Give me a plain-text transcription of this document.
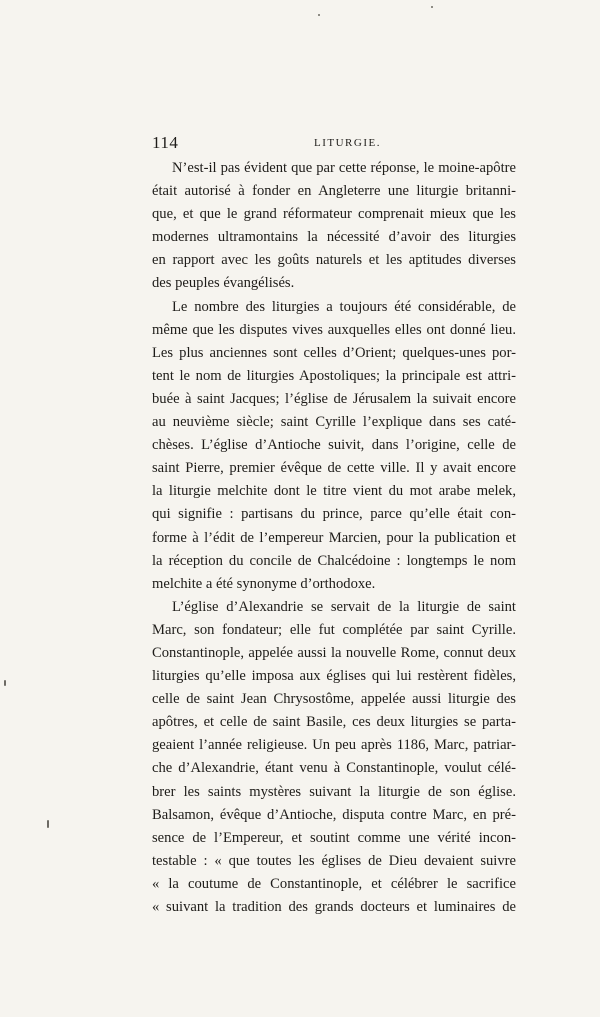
114	LITURGIE.
N’est-il pas évident que par cette réponse, le moine-apôtre
était autorisé à fonder en Angleterre une liturgie britanni-
que, et que le grand réformateur comprenait mieux que les
modernes ultramontains la nécessité d’avoir des liturgies
en rapport avec les goûts naturels et les aptitudes diverses
des peuples évangélisés.
Le nombre des liturgies a toujours été considérable, de
même que les disputes vives auxquelles elles ont donné lieu.
Les plus anciennes sont celles d’Orient; quelques-unes por-
tent le nom de liturgies Apostoliques; la principale est attri-
buée à saint Jacques; l’église de Jérusalem la suivait encore
au neuvième siècle; saint Cyrille l’explique dans ses caté-
chèses. L’église d’Antioche suivit, dans l’origine, celle de
saint Pierre, premier évêque de cette ville. Il y avait encore
la liturgie melchite dont le titre vient du mot arabe melek,
qui signifie : partisans du prince, parce qu’elle était con-
forme à l’édit de l’empereur Marcien, pour la publication et
la réception du concile de Chalcédoine : longtemps le nom
melchite a été synonyme d’orthodoxe.
L’église d’Alexandrie se servait de la liturgie de saint
Marc, son fondateur; elle fut complétée par saint Cyrille.
Constantinople, appelée aussi la nouvelle Rome, connut deux
liturgies qu’elle imposa aux églises qui lui restèrent fidèles,
celle de saint Jean Chrysostôme, appelée aussi liturgie des
apôtres, et celle de saint Basile, ces deux liturgies se parta-
geaient l’année religieuse. Un peu après 1186, Marc, patriar-
che d’Alexandrie, étant venu à Constantinople, voulut célé-
brer les saints mystères suivant la liturgie de son église.
Balsamon, évêque d’Antioche, disputa contre Marc, en pré-
sence de l’Empereur, et soutint comme une vérité incon-
testable : « que toutes les églises de Dieu devaient suivre
« la coutume de Constantinople, et célébrer le sacrifice
« suivant la tradition des grands docteurs et luminaires de
